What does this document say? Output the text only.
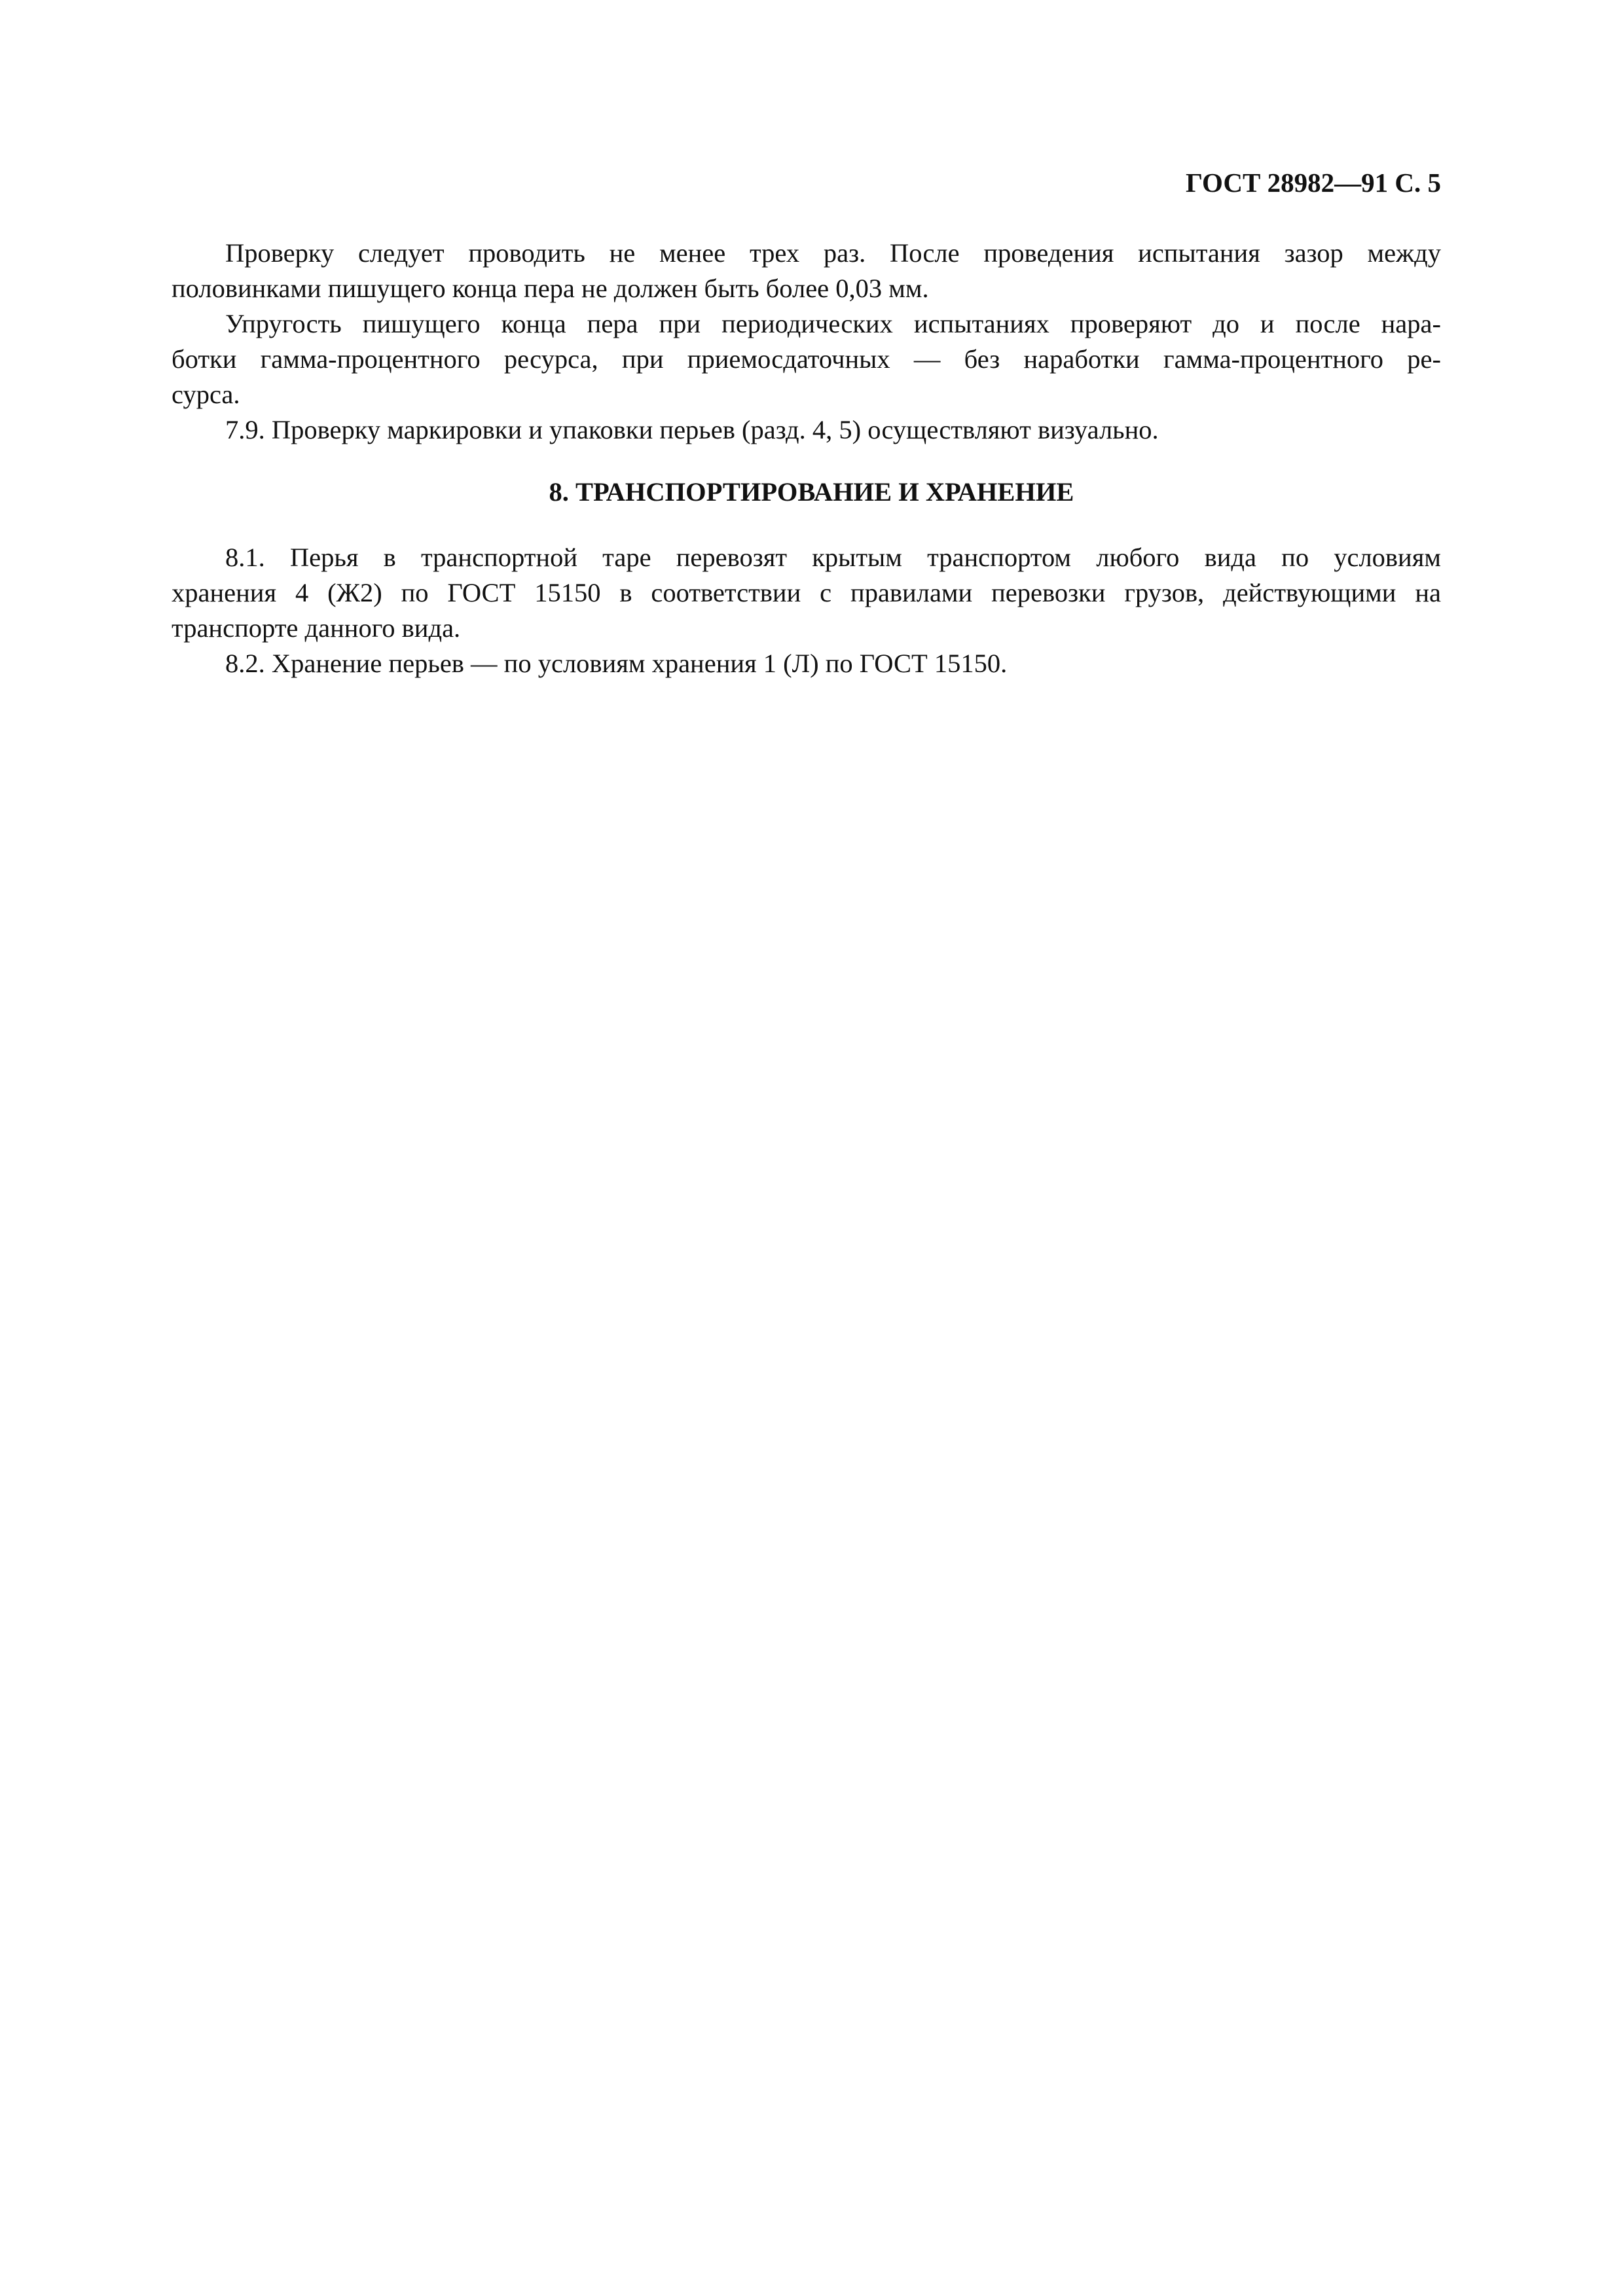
ГОСТ 28982—91 С. 5

Проверку следует проводить не менее трех раз. После проведения испытания зазор между
половинками пишущего конца пера не должен быть более 0,03 мм.

Упругость пишущего конца пера при периодических испытаниях проверяют до и после нара-
ботки гамма-процентного ресурса, при приемосдаточных — без наработки гамма-процентного ре-
сурса.

7.9. Проверку маркировки и упаковки перьев (разд. 4, 5) осуществляют визуально.

8. ТРАНСПОРТИРОВАНИЕ И ХРАНЕНИЕ

8.1. Перья в транспортной таре перевозят крытым транспортом любого вида по условиям
хранения 4 (Ж2) по ГОСТ 15150 в соответствии с правилами перевозки грузов, действующими на
транспорте данного вида.

8.2. Хранение перьев — по условиям хранения 1 (Л) по ГОСТ 15150.
